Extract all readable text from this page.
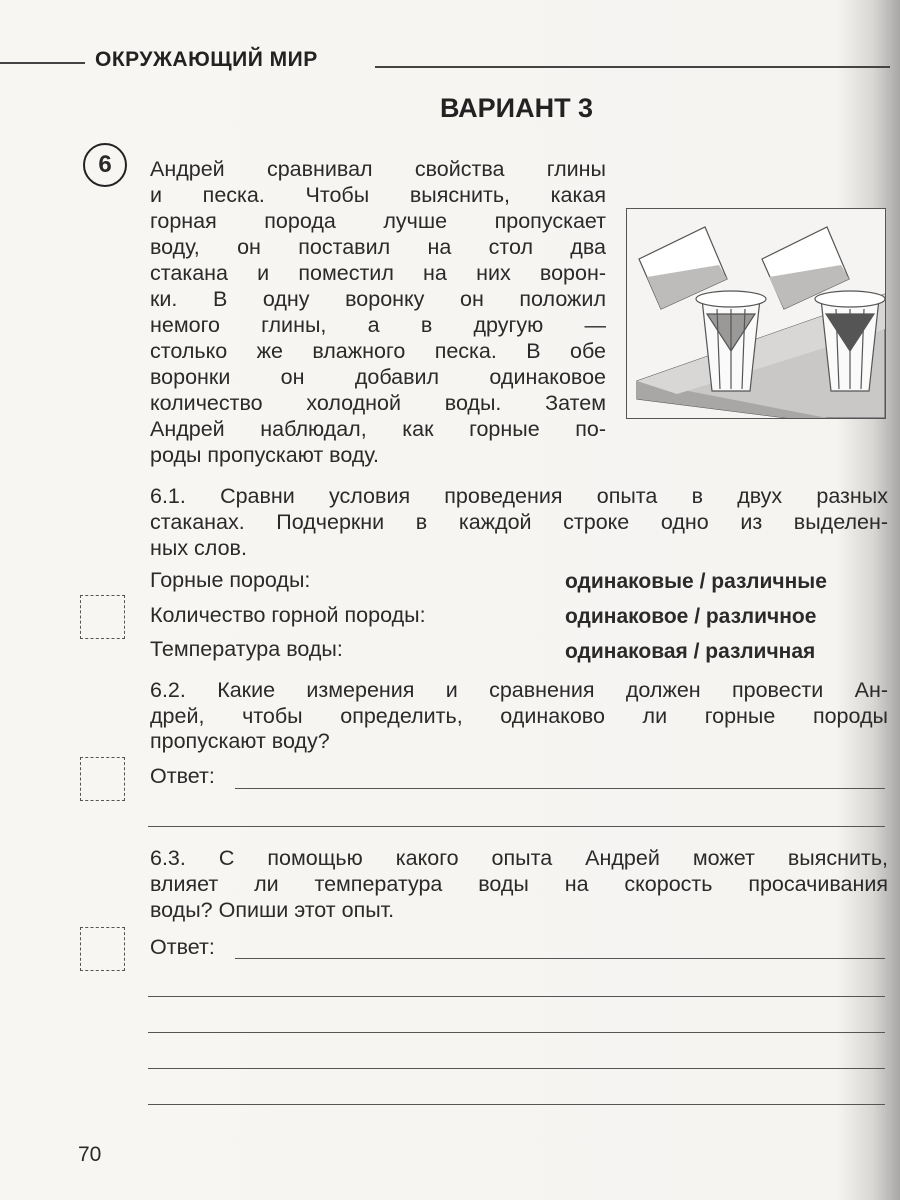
ОКРУЖАЮЩИЙ МИР
ВАРИАНТ 3
6	Андрей сравнивал свойства глины
и песка. Чтобы выяснить, какая
горная порода лучше пропускает
воду, он поставил на стол два
стакана и поместил на них ворон-
ки. В одну воронку он положил
немого глины, а в другую —
столько же влажного песка. В обе
воронки он добавил одинаковое
количество холодной воды. Затем
Андрей наблюдал, как горные по-
роды пропускают воду.
6.1. Сравни условия проведения опыта в двух разных
стаканах. Подчеркни в каждой строке одно из выделен-
ных слов.
Горные породы:	одинаковые / различные
Количество горной породы:	одинаковое / различное
Температура воды:	одинаковая / различная
6.2. Какие измерения и сравнения должен провести Ан-
дрей, чтобы определить, одинаково ли горные породы
пропускают воду?
Ответ:
6.3. С помощью какого опыта Андрей может выяснить,
влияет ли температура воды на скорость просачивания
воды? Опиши этот опыт.
Ответ:
70
